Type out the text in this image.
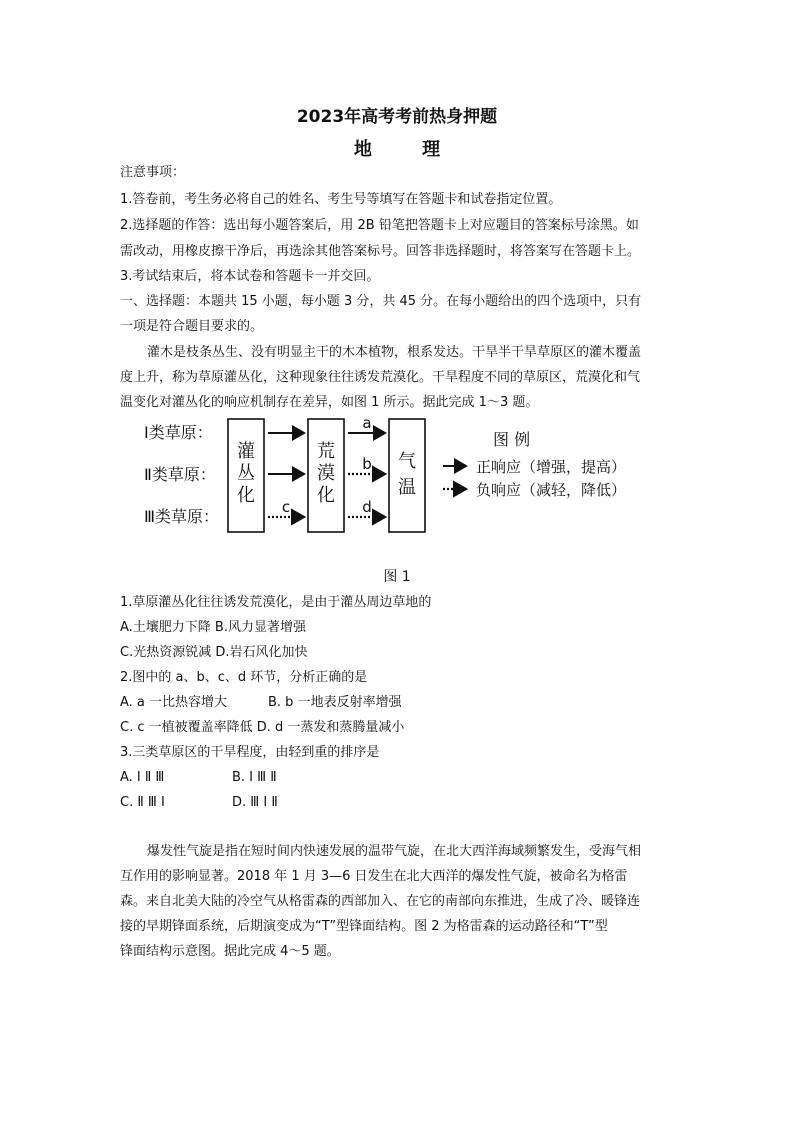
2023年高考考前热身押题
地 理
注意事项：
1.答卷前，考生务必将自己的姓名、考生号等填写在答题卡和试卷指定位置。
2.选择题的作答：选出每小题答案后，用 2B 铅笔把答题卡上对应题目的答案标号涂黑。如
需改动，用橡皮擦干净后，再选涂其他答案标号。回答非选择题时，将答案写在答题卡上。
3.考试结束后，将本试卷和答题卡一并交回。
一、选择题：本题共 15 小题，每小题 3 分，共 45 分。在每小题给出的四个选项中，只有
一项是符合题目要求的。
灌木是枝条丛生、没有明显主干的木本植物，根系发达。干旱半干旱草原区的灌木覆盖
度上升，称为草原灌丛化，这种现象往往诱发荒漠化。干旱程度不同的草原区，荒漠化和气
温变化对灌丛化的响应机制存在差异，如图 1 所示。据此完成 1～3 题。
Ⅰ类草原：
Ⅱ类草原：
Ⅲ类草原：
灌
丛
化
荒
漠
化
气
温
a
b
c	d
图 例
正响应（增强，提高）
负响应（减轻，降低）
图 1
1.草原灌丛化往往诱发荒漠化，是由于灌丛周边草地的
A.土壤肥力下降 B.风力显著增强
C.光热资源锐减 D.岩石风化加快
2.图中的 a、b、c、d 环节，分析正确的是
A. a 一比热容增大	B. b 一地表反射率增强
C. c 一植被覆盖率降低 D. d 一蒸发和蒸腾量减小
3.三类草原区的干旱程度，由轻到重的排序是
A. Ⅰ Ⅱ Ⅲ	B. Ⅰ Ⅲ Ⅱ
C. Ⅱ Ⅲ Ⅰ	D. Ⅲ Ⅰ Ⅱ
爆发性气旋是指在短时间内快速发展的温带气旋，在北大西洋海域频繁发生，受海气相
互作用的影响显著。2018 年 1 月 3—6 日发生在北大西洋的爆发性气旋，被命名为格雷
森。来自北美大陆的冷空气从格雷森的西部加入、在它的南部向东推进，生成了冷、暖锋连
接的早期锋面系统，后期演变成为“T”型锋面结构。图 2 为格雷森的运动路径和“T”型
锋面结构示意图。据此完成 4～5 题。
